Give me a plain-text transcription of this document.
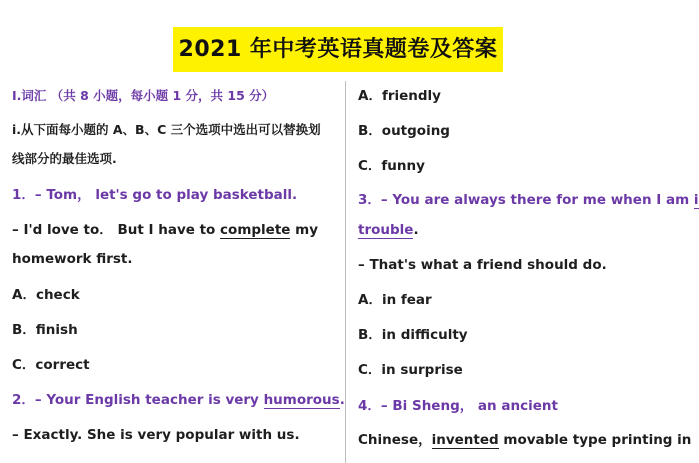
2021 年中考英语真题卷及答案
I.词汇 （共 8 小题，每小题 1 分，共 15 分）
i.从下面每小题的 A、B、C 三个选项中选出可以替换划
线部分的最佳选项.
1．– Tom， let's go to play basketball.
– I'd love to． But I have to complete my
homework first.
A．check
B．finish
C．correct
2．– Your English teacher is very humorous.
– Exactly. She is very popular with us.
A．friendly
B．outgoing
C．funny
3．– You are always there for me when I am i
trouble.
– That's what a friend should do.
A．in fear
B．in difficulty
C．in surprise
4．– Bi Sheng， an ancient
Chinese，invented movable type printing in
